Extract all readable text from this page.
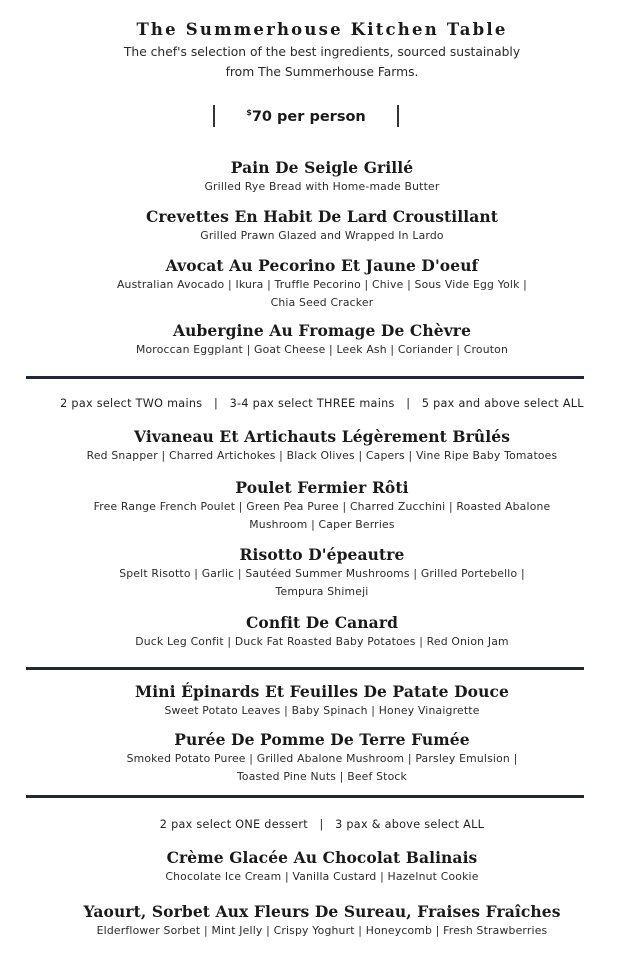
The Summerhouse Kitchen Table
The chef's selection of the best ingredients, sourced sustainably
from The Summerhouse Farms.
$70 per person
Pain De Seigle Grillé
Grilled Rye Bread with Home-made Butter
Crevettes En Habit De Lard Croustillant
Grilled Prawn Glazed and Wrapped In Lardo
Avocat Au Pecorino Et Jaune D'oeuf
Australian Avocado | Ikura | Truffle Pecorino | Chive | Sous Vide Egg Yolk |
Chia Seed Cracker
Aubergine Au Fromage De Chèvre
Moroccan Eggplant | Goat Cheese | Leek Ash | Coriander | Crouton
2 pax select TWO mains   |   3-4 pax select THREE mains   |   5 pax and above select ALL
Vivaneau Et Artichauts Légèrement Brûlés
Red Snapper | Charred Artichokes | Black Olives | Capers | Vine Ripe Baby Tomatoes
Poulet Fermier Rôti
Free Range French Poulet | Green Pea Puree | Charred Zucchini | Roasted Abalone
Mushroom | Caper Berries
Risotto D'épeautre
Spelt Risotto | Garlic | Sautéed Summer Mushrooms | Grilled Portebello |
Tempura Shimeji
Confit De Canard
Duck Leg Confit | Duck Fat Roasted Baby Potatoes | Red Onion Jam
Mini Épinards Et Feuilles De Patate Douce
Sweet Potato Leaves | Baby Spinach | Honey Vinaigrette
Purée De Pomme De Terre Fumée
Smoked Potato Puree | Grilled Abalone Mushroom | Parsley Emulsion |
Toasted Pine Nuts | Beef Stock
2 pax select ONE dessert   |   3 pax & above select ALL
Crème Glacée Au Chocolat Balinais
Chocolate Ice Cream | Vanilla Custard | Hazelnut Cookie
Yaourt, Sorbet Aux Fleurs De Sureau, Fraises Fraîches
Elderflower Sorbet | Mint Jelly | Crispy Yoghurt | Honeycomb | Fresh Strawberries
